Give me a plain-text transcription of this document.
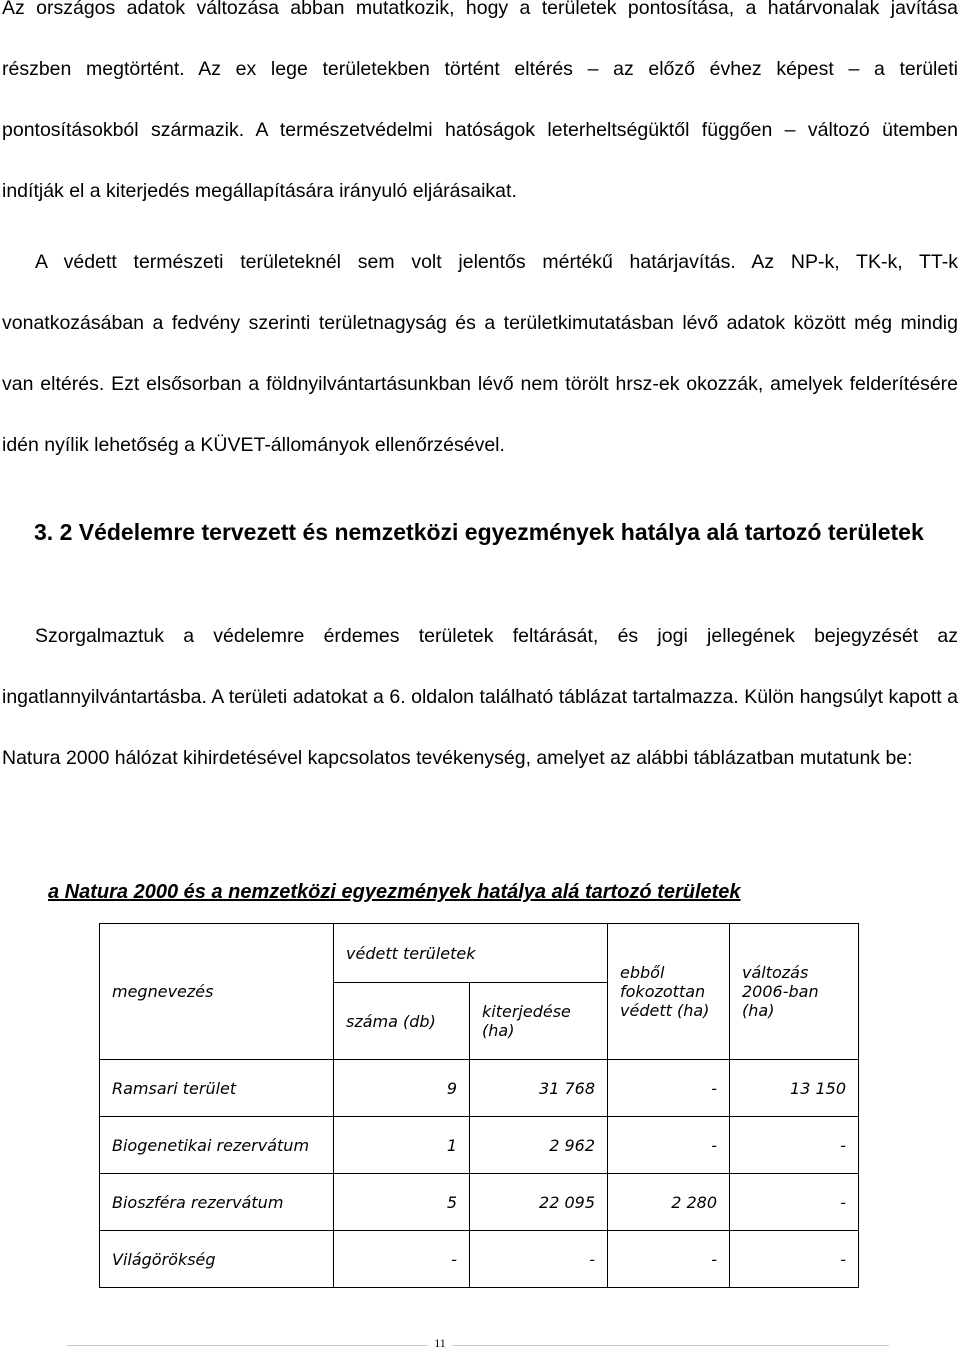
Az országos adatok változása abban mutatkozik, hogy a területek pontosítása, a határvonalak javítása részben megtörtént. Az ex lege területekben történt eltérés – az előző évhez képest – a területi pontosításokból származik. A természetvédelmi hatóságok leterheltségüktől függően – változó ütemben indítják el a kiterjedés megállapítására irányuló eljárásaikat.

A védett természeti területeknél sem volt jelentős mértékű határjavítás. Az NP-k, TK-k, TT-k vonatkozásában a fedvény szerinti területnagyság és a területkimutatásban lévő adatok között még mindig van eltérés. Ezt elsősorban a földnyilvántartásunkban lévő nem törölt hrsz-ek okozzák, amelyek felderítésére idén nyílik lehetőség a KÜVET-állományok ellenőrzésével.

3. 2 Védelemre tervezett és nemzetközi egyezmények hatálya alá tartozó területek

Szorgalmaztuk a védelemre érdemes területek feltárását, és jogi jellegének bejegyzését az ingatlannyilvántartásba. A területi adatokat a 6. oldalon található táblázat tartalmazza. Külön hangsúlyt kapott a Natura 2000 hálózat kihirdetésével kapcsolatos tevékenység, amelyet az alábbi táblázatban mutatunk be:

a Natura 2000 és a nemzetközi egyezmények hatálya alá tartozó területek

megnevezés	védett területek		ebből fokozottan védett (ha)	változás 2006-ban (ha)
	száma (db)	kiterjedése (ha)		
Ramsari terület	9	31 768	-	13 150
Biogenetikai rezervátum	1	2 962	-	-
Bioszféra rezervátum	5	22 095	2 280	-
Világörökség	-	-	-	-
11
